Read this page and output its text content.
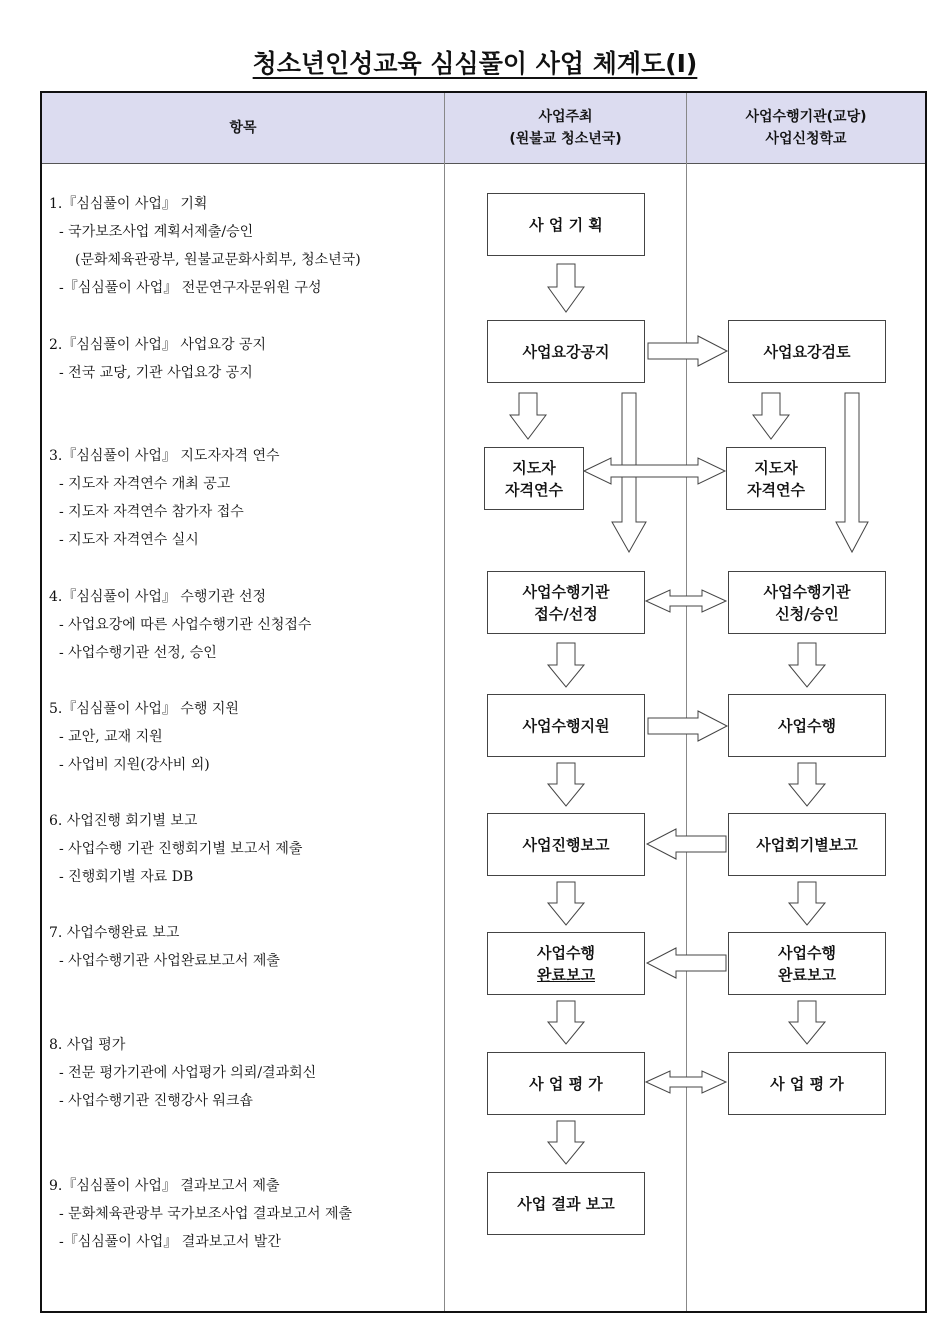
청소년인성교육 심심풀이 사업 체계도(Ⅰ)
항목
사업주최
(원불교 청소년국)
사업수행기관(교당)
사업신청학교
1.『심심풀이 사업』 기획
- 국가보조사업 계획서제출/승인
(문화체육관광부, 원불교문화사회부, 청소년국)
-『심심풀이 사업』 전문연구자문위원 구성
2.『심심풀이 사업』 사업요강 공지
- 전국 교당, 기관 사업요강 공지
3.『심심풀이 사업』 지도자자격 연수
- 지도자 자격연수 개최 공고
- 지도자 자격연수 참가자 접수
- 지도자 자격연수 실시
4.『심심풀이 사업』 수행기관 선정
- 사업요강에 따른 사업수행기관 신청접수
- 사업수행기관 선정, 승인
5.『심심풀이 사업』 수행 지원
- 교안, 교재 지원
- 사업비 지원(강사비 외)
6. 사업진행 회기별 보고
- 사업수행 기관 진행회기별 보고서 제출
- 진행회기별 자료 DB
7. 사업수행완료 보고
- 사업수행기관 사업완료보고서 제출
8. 사업 평가
- 전문 평가기관에 사업평가 의뢰/결과회신
- 사업수행기관 진행강사 워크숍
9.『심심풀이 사업』 결과보고서 제출
- 문화체육관광부 국가보조사업 결과보고서 제출
-『심심풀이 사업』 결과보고서 발간
사 업 기 획
사업요강공지	사업요강검토
지도자
자격연수
지도자
자격연수
사업수행기관
접수/선정
사업수행기관
신청/승인
사업수행지원	사업수행
사업진행보고	사업회기별보고
사업수행
완료보고
사업수행
완료보고
사 업 평 가	사 업 평 가
사업 결과 보고
